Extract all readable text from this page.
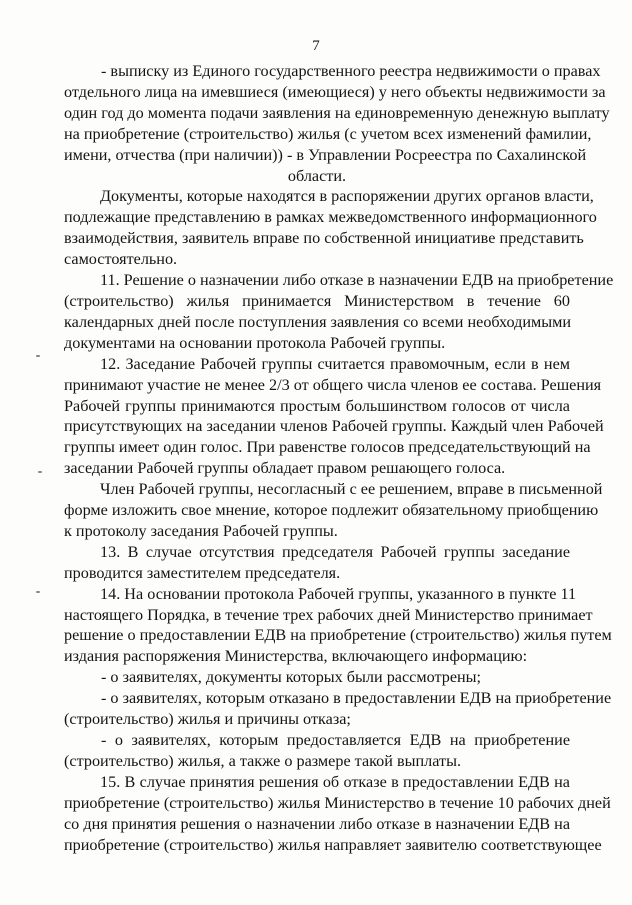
7

- выписку из Единого государственного реестра недвижимости о правах
отдельного лица на имевшиеся (имеющиеся) у него объекты недвижимости за
один год до момента подачи заявления на единовременную денежную выплату
на приобретение (строительство) жилья (с учетом всех изменений фамилии,
имени, отчества (при наличии)) - в Управлении Росреестра по Сахалинской
области.

Документы, которые находятся в распоряжении других органов власти,
подлежащие представлению в рамках межведомственного информационного
взаимодействия, заявитель вправе по собственной инициативе представить
самостоятельно.

11. Решение о назначении либо отказе в назначении ЕДВ на приобретение
(строительство) жилья принимается Министерством в течение 60
календарных дней после поступления заявления со всеми необходимыми
документами на основании протокола Рабочей группы.

12. Заседание Рабочей группы считается правомочным, если в нем
принимают участие не менее 2/3 от общего числа членов ее состава. Решения
Рабочей группы принимаются простым большинством голосов от числа
присутствующих на заседании членов Рабочей группы. Каждый член Рабочей
группы имеет один голос. При равенстве голосов председательствующий на
заседании Рабочей группы обладает правом решающего голоса.

Член Рабочей группы, несогласный с ее решением, вправе в письменной
форме изложить свое мнение, которое подлежит обязательному приобщению
к протоколу заседания Рабочей группы.

13. В случае отсутствия председателя Рабочей группы заседание
проводится заместителем председателя.

14. На основании протокола Рабочей группы, указанного в пункте 11
настоящего Порядка, в течение трех рабочих дней Министерство принимает
решение о предоставлении ЕДВ на приобретение (строительство) жилья путем
издания распоряжения Министерства, включающего информацию:

- о заявителях, документы которых были рассмотрены;

- о заявителях, которым отказано в предоставлении ЕДВ на приобретение
(строительство) жилья и причины отказа;

- о заявителях, которым предоставляется ЕДВ на приобретение
(строительство) жилья, а также о размере такой выплаты.

15. В случае принятия решения об отказе в предоставлении ЕДВ на
приобретение (строительство) жилья Министерство в течение 10 рабочих дней
со дня принятия решения о назначении либо отказе в назначении ЕДВ на
приобретение (строительство) жилья направляет заявителю соответствующее
